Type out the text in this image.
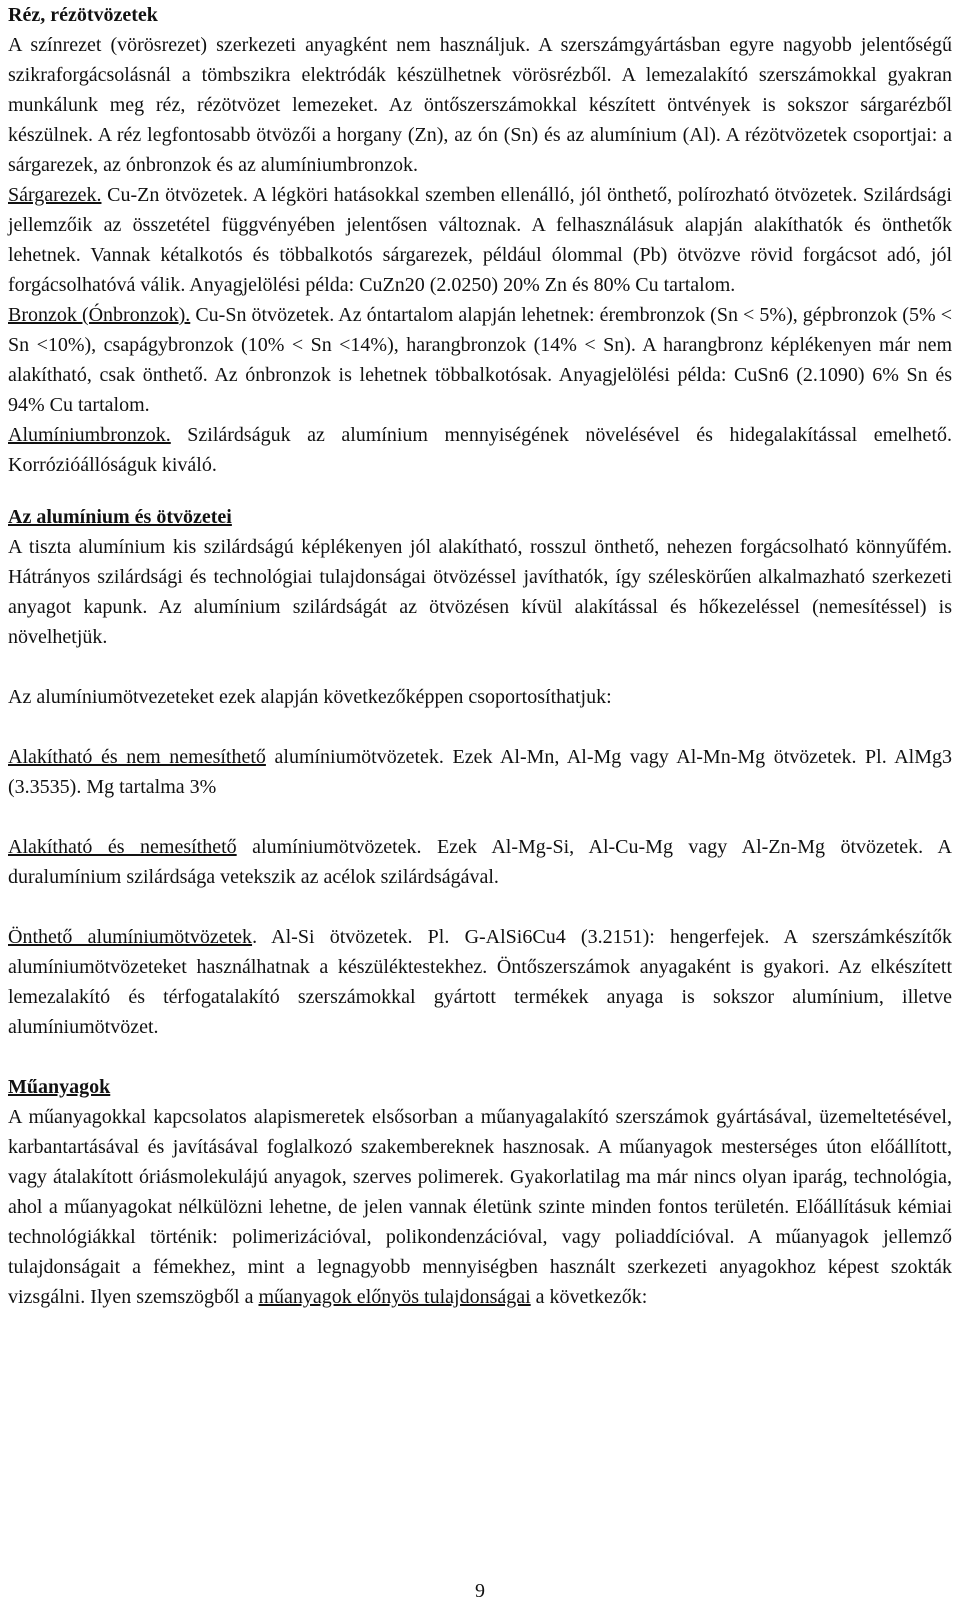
Réz, rézötvözetek

A színrezet (vörösrezet) szerkezeti anyagként nem használjuk. A szerszámgyártásban egyre nagyobb jelentőségű szikraforgácsolásnál a tömbszikra elektródák készülhetnek vörösrézből. A lemezalakító szerszámokkal gyakran munkálunk meg réz, rézötvözet lemezeket. Az öntőszerszámokkal készített öntvények is sokszor sárgarézből készülnek. A réz legfontosabb ötvözői a horgany (Zn), az ón (Sn) és az alumínium (Al). A rézötvözetek csoportjai: a sárgarezek, az ónbronzok és az alumíniumbronzok.

Sárgarezek. Cu-Zn ötvözetek. A légköri hatásokkal szemben ellenálló, jól önthető, polírozható ötvözetek. Szilárdsági jellemzőik az összetétel függvényében jelentősen változnak. A felhasználásuk alapján alakíthatók és önthetők lehetnek. Vannak kétalkotós és többalkotós sárgarezek, például ólommal (Pb) ötvözve rövid forgácsot adó, jól forgácsolhatóvá válik. Anyagjelölési példa: CuZn20 (2.0250) 20% Zn és 80% Cu tartalom.

Bronzok (Ónbronzok). Cu-Sn ötvözetek. Az óntartalom alapján lehetnek: érembronzok (Sn < 5%), gépbronzok (5% < Sn <10%), csapágybronzok (10% < Sn <14%), harangbronzok (14% < Sn). A harangbronz képlékenyen már nem alakítható, csak önthető. Az ónbronzok is lehetnek többalkotósak. Anyagjelölési példa: CuSn6 (2.1090) 6% Sn és 94% Cu tartalom.

Alumíniumbronzok. Szilárdságuk az alumínium mennyiségének növelésével és hidegalakítással emelhető. Korrózióállóságuk kiváló.

Az alumínium és ötvözetei

A tiszta alumínium kis szilárdságú képlékenyen jól alakítható, rosszul önthető, nehezen forgácsolható könnyűfém. Hátrányos szilárdsági és technológiai tulajdonságai ötvözéssel javíthatók, így széleskörűen alkalmazható szerkezeti anyagot kapunk. Az alumínium szilárdságát az ötvözésen kívül alakítással és hőkezeléssel (nemesítéssel) is növelhetjük.

Az alumíniumötvezeteket ezek alapján következőképpen csoportosíthatjuk:

Alakítható és nem nemesíthető alumíniumötvözetek. Ezek Al-Mn, Al-Mg vagy Al-Mn-Mg ötvözetek. Pl. AlMg3 (3.3535). Mg tartalma 3%

Alakítható és nemesíthető alumíniumötvözetek. Ezek Al-Mg-Si, Al-Cu-Mg vagy Al-Zn-Mg ötvözetek. A duralumínium szilárdsága vetekszik az acélok szilárdságával.

Önthető alumíniumötvözetek. Al-Si ötvözetek. Pl. G-AlSi6Cu4 (3.2151): hengerfejek. A szerszámkészítők alumíniumötvözeteket használhatnak a készüléktestekhez. Öntőszerszámok anyagaként is gyakori. Az elkészített lemezalakító és térfogatalakító szerszámokkal gyártott termékek anyaga is sokszor alumínium, illetve alumíniumötvözet.

Műanyagok

A műanyagokkal kapcsolatos alapismeretek elsősorban a műanyagalakító szerszámok gyártásával, üzemeltetésével, karbantartásával és javításával foglalkozó szakembereknek hasznosak. A műanyagok mesterséges úton előállított, vagy átalakított óriásmolekulájú anyagok, szerves polimerek. Gyakorlatilag ma már nincs olyan iparág, technológia, ahol a műanyagokat nélkülözni lehetne, de jelen vannak életünk szinte minden fontos területén. Előállításuk kémiai technológiákkal történik: polimerizációval, polikondenzációval, vagy poliaddícióval. A műanyagok jellemző tulajdonságait a fémekhez, mint a legnagyobb mennyiségben használt szerkezeti anyagokhoz képest szokták vizsgálni. Ilyen szemszögből a műanyagok előnyös tulajdonságai a következők:

9
